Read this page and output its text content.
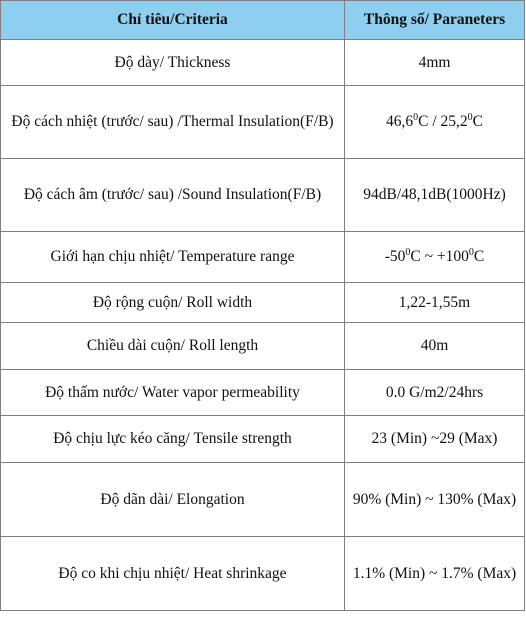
Chỉ tiêu/Criteria	Thông số/ Paraneters
Độ dày/ Thickness	4mm
Độ cách nhiệt (trước/ sau) /Thermal Insulation(F/B)	46,6$^0$C / 25,2$^0$C
Độ cách âm (trước/ sau) /Sound Insulation(F/B)	94dB/48,1dB(1000Hz)
Giới hạn chịu nhiệt/ Temperature range	$-50^0C$ ~ $+100^0C$
Độ rộng cuộn/ Roll width	1,22-1,55m
Chiều dài cuộn/ Roll length	40m
Độ thấm nước/ Water vapor permeability	0.0 G/m2/24hrs
Độ chịu lực kéo căng/ Tensile strength	23 (Min) ~29 (Max)
Độ dãn dài/ Elongation	90% (Min) ~ 130% (Max)
Độ co khi chịu nhiệt/ Heat shrinkage	1.1% (Min) ~ 1.7% (Max)
